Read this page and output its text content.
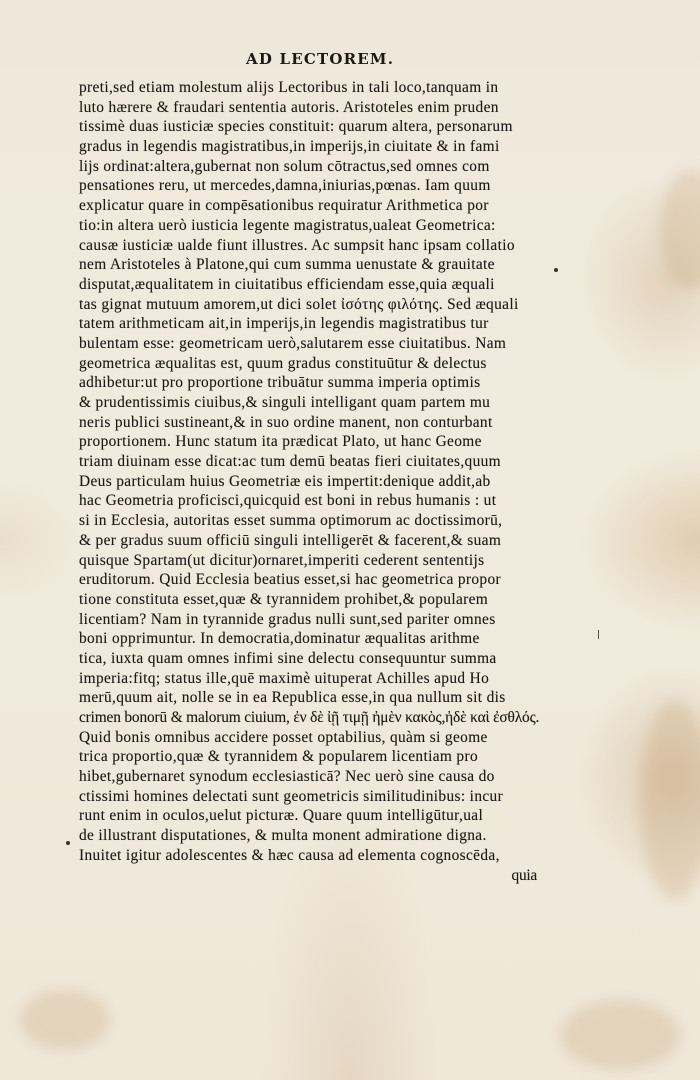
AD LECTOREM.
preti,sed etiam molestum alijs Lectoribus in tali loco,tanquam in
luto hærere & fraudari sententia autoris. Aristoteles enim pruden
tissimè duas iusticiæ species constituit: quarum altera, personarum
gradus in legendis magistratibus,in imperijs,in ciuitate & in fami
lijs ordinat:altera,gubernat non solum cōtractus,sed omnes com
pensationes reru, ut mercedes,damna,iniurias,pœnas. Iam quum
explicatur quare in compēsationibus requiratur Arithmetica por
tio:in altera uerò iusticia legente magistratus,ualeat Geometrica:
causæ iusticiæ ualde fiunt illustres. Ac sumpsit hanc ipsam collatio
nem Aristoteles à Platone,qui cum summa uenustate & grauitate
disputat,æqualitatem in ciuitatibus efficiendam esse,quia æquali
tas gignat mutuum amorem,ut dici solet ἰσότης φιλότης. Sed æquali
tatem arithmeticam ait,in imperijs,in legendis magistratibus tur
bulentam esse: geometricam uerò,salutarem esse ciuitatibus. Nam
geometrica æqualitas est, quum gradus constituūtur & delectus
adhibetur:ut pro proportione tribuātur summa imperia optimis
& prudentissimis ciuibus,& singuli intelligant quam partem mu
neris publici sustineant,& in suo ordine manent, non conturbant
proportionem. Hunc statum ita prædicat Plato, ut hanc Geome
triam diuinam esse dicat:ac tum demū beatas fieri ciuitates,quum
Deus particulam huius Geometriæ eis impertit:denique addit,ab
hac Geometria proficisci,quicquid est boni in rebus humanis : ut
si in Ecclesia, autoritas esset summa optimorum ac doctissimorū,
& per gradus suum officiū singuli intelligerēt & facerent,& suam
quisque Spartam(ut dicitur)ornaret,imperiti cederent sententijs
eruditorum. Quid Ecclesia beatius esset,si hac geometrica propor
tione constituta esset,quæ & tyrannidem prohibet,& popularem
licentiam? Nam in tyrannide gradus nulli sunt,sed pariter omnes
boni opprimuntur. In democratia,dominatur æqualitas arithme
tica, iuxta quam omnes infimi sine delectu consequuntur summa
imperia:fitq; status ille,quē maximè uituperat Achilles apud Ho
merū,quum ait, nolle se in ea Republica esse,in qua nullum sit dis
crimen bonorū & malorum ciuium, ἐν δὲ ἰῇ τιμῇ ἠμὲν κακὸς,ἠδὲ καὶ ἐσθλός.
Quid bonis omnibus accidere posset optabilius, quàm si geome
trica proportio,quæ & tyrannidem & popularem licentiam pro
hibet,gubernaret synodum ecclesiasticā? Nec uerò sine causa do
ctissimi homines delectati sunt geometricis similitudinibus: incur
runt enim in oculos,uelut picturæ. Quare quum intelligūtur,ual
de illustrant disputationes, & multa monent admiratione digna.
Inuitet igitur adolescentes & hæc causa ad elementa cognoscēda,
quia
